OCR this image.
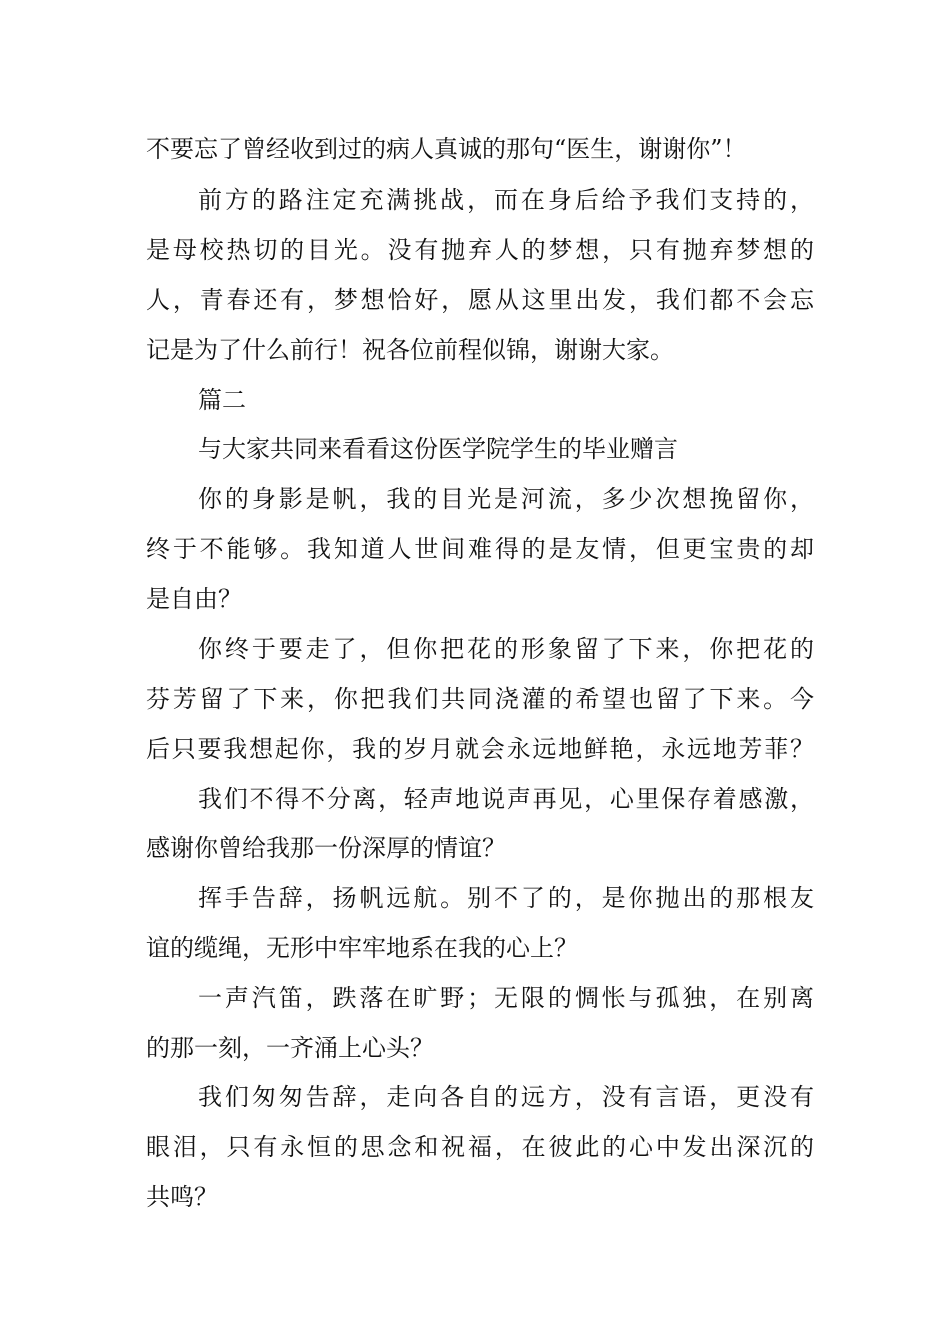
不要忘了曾经收到过的病人真诚的那句“医生，谢谢你”！

前方的路注定充满挑战，而在身后给予我们支持的，

是母校热切的目光。没有抛弃人的梦想，只有抛弃梦想的

人，青春还有，梦想恰好，愿从这里出发，我们都不会忘

记是为了什么前行！祝各位前程似锦，谢谢大家。

篇二

与大家共同来看看这份医学院学生的毕业赠言

你的身影是帆，我的目光是河流，多少次想挽留你，

终于不能够。我知道人世间难得的是友情，但更宝贵的却

是自由？

你终于要走了，但你把花的形象留了下来，你把花的

芬芳留了下来，你把我们共同浇灌的希望也留了下来。今

后只要我想起你，我的岁月就会永远地鲜艳，永远地芳菲？

我们不得不分离，轻声地说声再见，心里保存着感激，

感谢你曾给我那一份深厚的情谊？

挥手告辞，扬帆远航。别不了的，是你抛出的那根友

谊的缆绳，无形中牢牢地系在我的心上？

一声汽笛，跌落在旷野；无限的惆怅与孤独，在别离

的那一刻，一齐涌上心头？

我们匆匆告辞，走向各自的远方，没有言语，更没有

眼泪，只有永恒的思念和祝福，在彼此的心中发出深沉的

共鸣？
